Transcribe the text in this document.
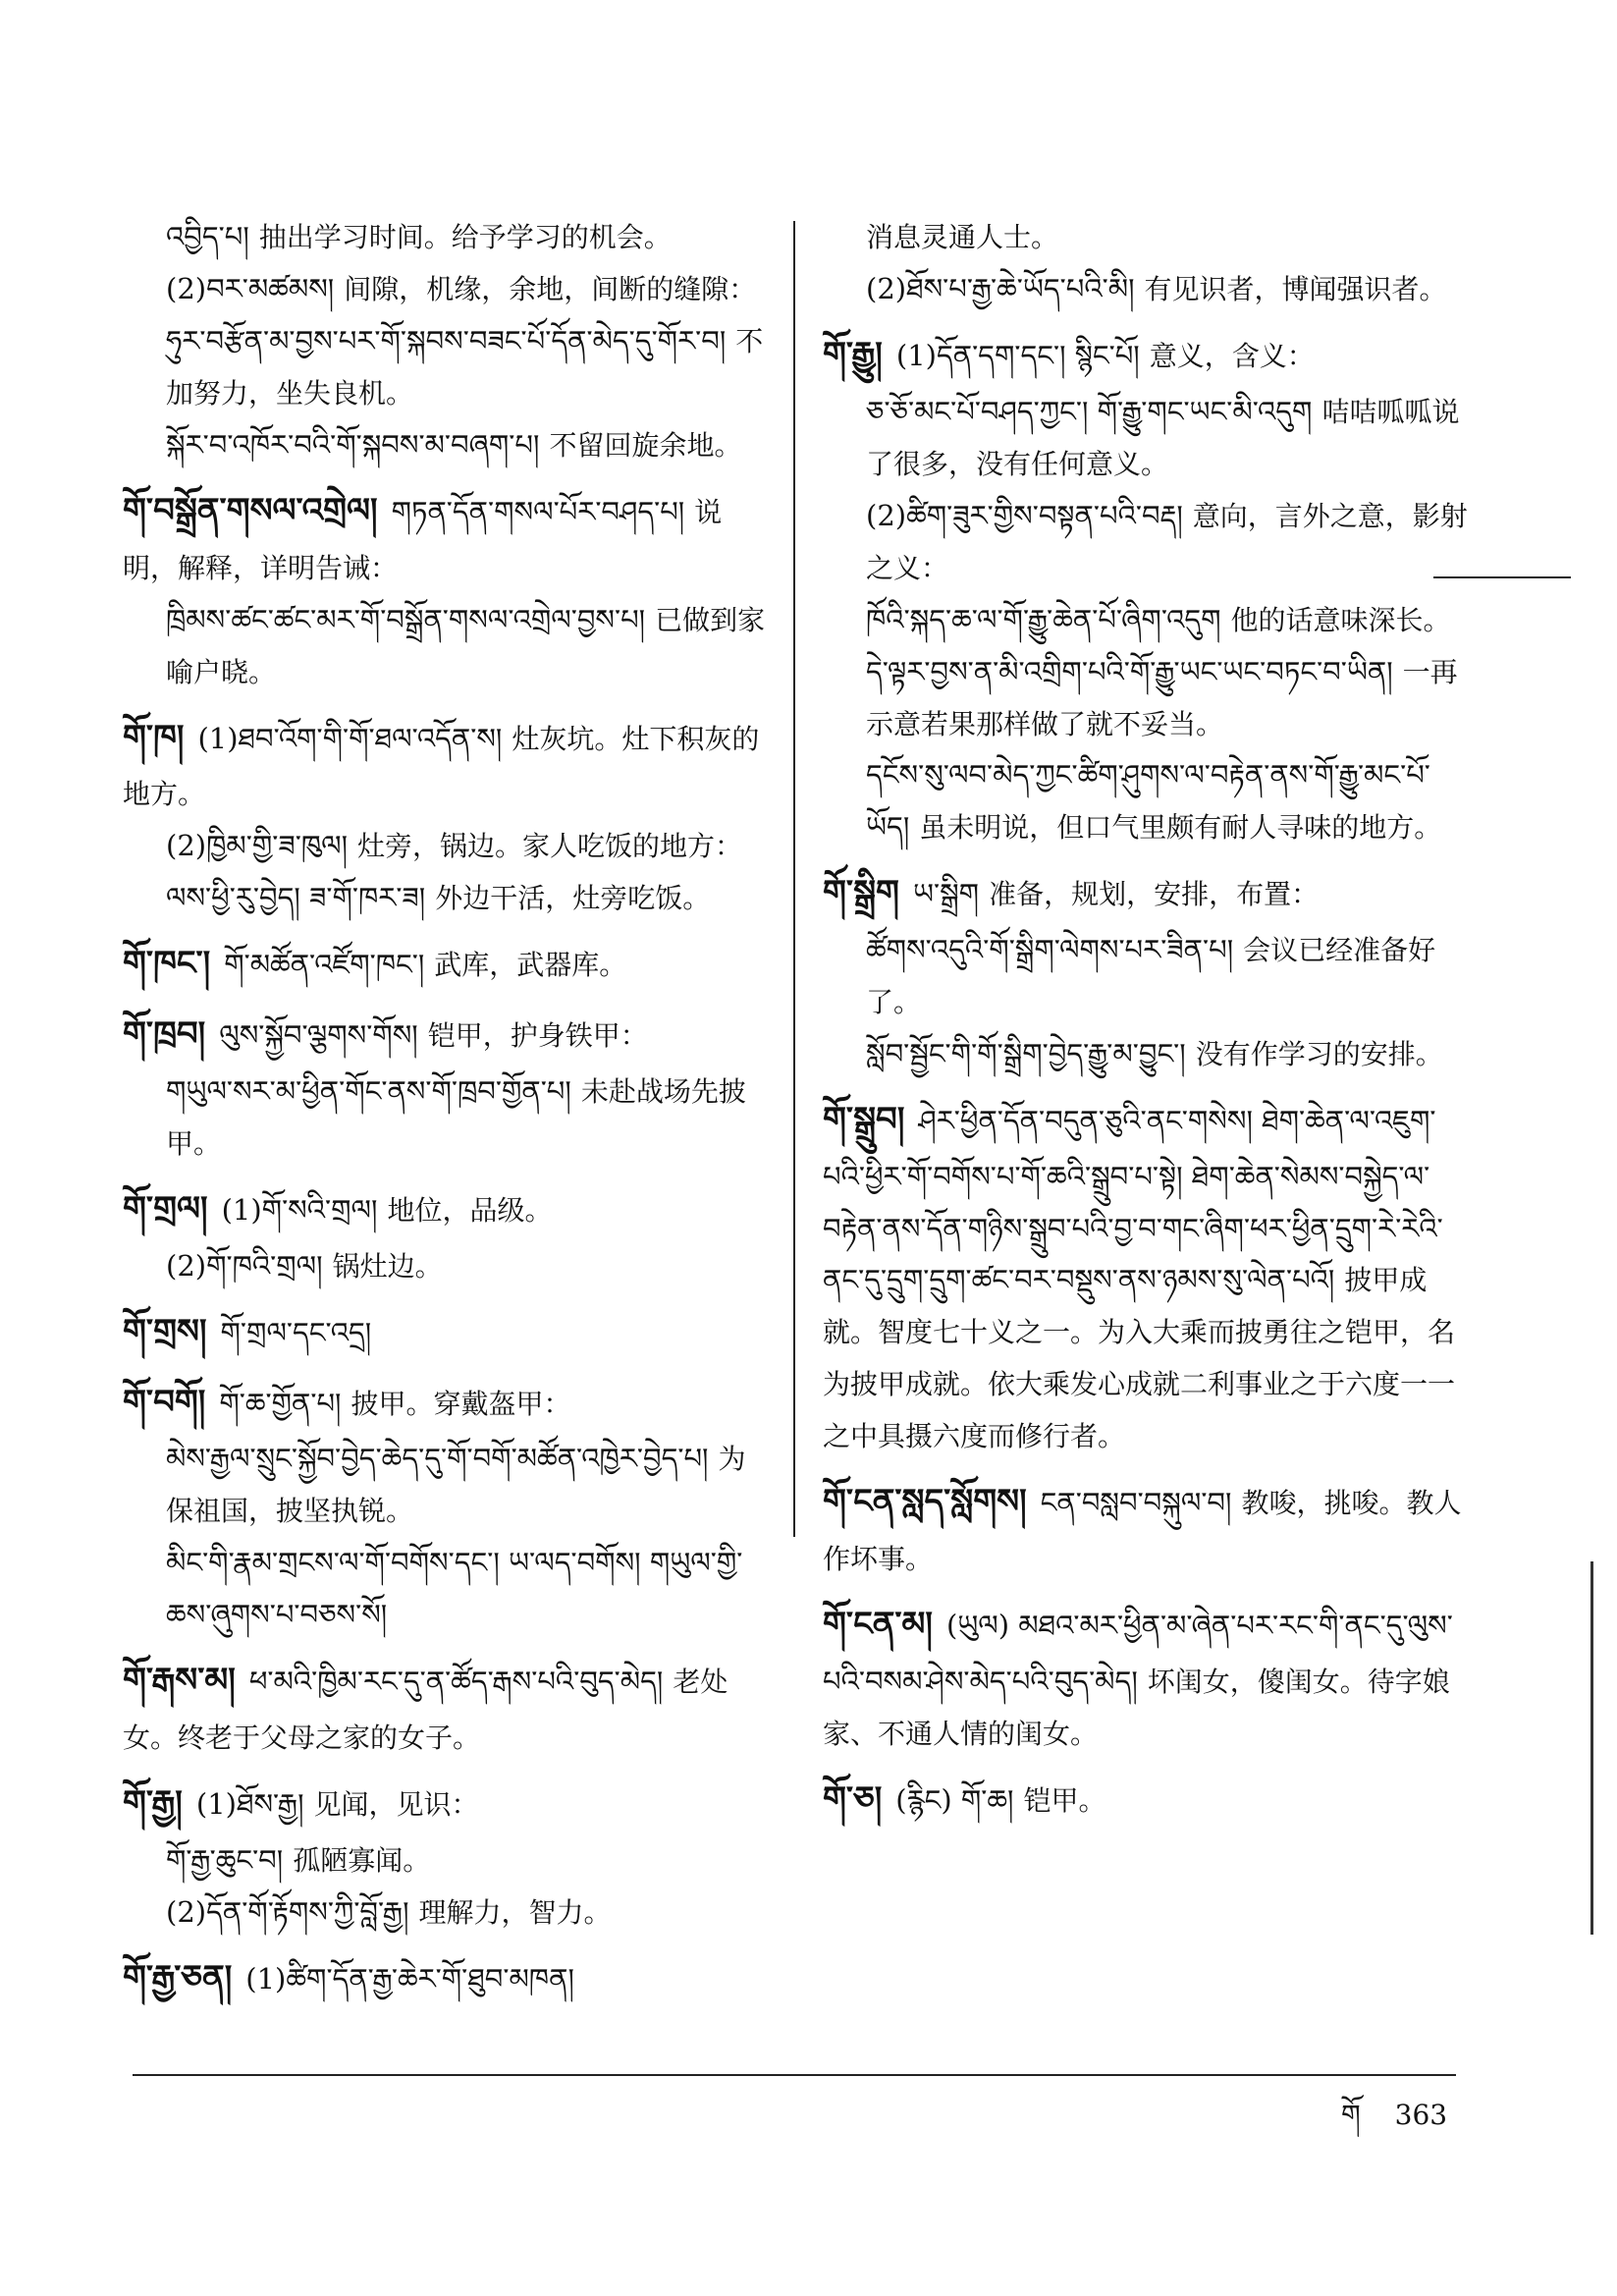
འབྱིད་པ། 抽出学习时间。给予学习的机会。

(2)བར་མཚམས། 间隙，机缘，余地，间断的缝隙：

ཧུར་བརྩོན་མ་བྱས་པར་གོ་སྐབས་བཟང་པོ་དོན་མེད་དུ་གོར་བ། 不加努力，坐失良机。

སྐོར་བ་འཁོར་བའི་གོ་སྐབས་མ་བཞག་པ། 不留回旋余地。

གོ་བསྒྲོན་གསལ་འགྲེལ། གཏན་དོན་གསལ་པོར་བཤད་པ། 说明，解释，详明告诫：

ཁྲིམས་ཚང་ཚང་མར་གོ་བསྒྲོན་གསལ་འགྲེལ་བྱས་པ། 已做到家喻户晓。

གོ་ཁ། (1)ཐབ་འོག་གི་གོ་ཐལ་འདོན་ས། 灶灰坑。灶下积灰的地方。

(2)ཁྱིམ་གྱི་ཟ་ཁུལ། 灶旁，锅边。家人吃饭的地方：

ལས་ཕྱི་རུ་བྱེད། ཟ་གོ་ཁར་ཟ། 外边干活，灶旁吃饭。

གོ་ཁང་། གོ་མཚོན་འཛོག་ཁང་། 武库，武器库。

གོ་ཁྲབ། ལུས་སྐྱོབ་ལྕགས་གོས། 铠甲，护身铁甲：

གཡུལ་སར་མ་ཕྱིན་གོང་ནས་གོ་ཁྲབ་གྱོན་པ། 未赴战场先披甲。

གོ་གྲལ། (1)གོ་སའི་གྲལ། 地位，品级。

(2)གོ་ཁའི་གྲལ། 锅灶边。

གོ་གྲས། གོ་གྲལ་དང་འདྲ།

གོ་བགོ། གོ་ཆ་གྱོན་པ། 披甲。穿戴盔甲：

མེས་རྒྱལ་སྲུང་སྐྱོབ་བྱེད་ཆེད་དུ་གོ་བགོ་མཚོན་འཁྱེར་བྱེད་པ། 为保祖国，披坚执锐。

མིང་གི་རྣམ་གྲངས་ལ་གོ་བགོས་དང་། ཡ་ལད་བགོས། གཡུལ་གྱི་ཆས་ཞུགས་པ་བཅས་སོ།

གོ་རྒས་མ། ཕ་མའི་ཁྱིམ་རང་དུ་ན་ཚོད་རྒས་པའི་བུད་མེད། 老处女。终老于父母之家的女子。

གོ་རྒྱ། (1)ཐོས་རྒྱ། 见闻，见识：

གོ་རྒྱ་ཆུང་བ། 孤陋寡闻。

(2)དོན་གོ་རྟོགས་ཀྱི་བློ་རྒྱ། 理解力，智力。

གོ་རྒྱ་ཅན། (1)ཚིག་དོན་རྒྱ་ཆེར་གོ་ཐུབ་མཁན།

消息灵通人士。

(2)ཐོས་པ་རྒྱ་ཆེ་ཡོད་པའི་མི། 有见识者，博闻强识者。

གོ་རྒྱུ། (1)དོན་དག་དང་། སྙིང་པོ། 意义，含义：

ཅ་ཅོ་མང་པོ་བཤད་ཀྱང་། གོ་རྒྱུ་གང་ཡང་མི་འདུག 咭咭呱呱说了很多，没有任何意义。

(2)ཚིག་ཟུར་གྱིས་བསྟན་པའི་བརྡ། 意向，言外之意，影射之义：

ཁོའི་སྐད་ཆ་ལ་གོ་རྒྱུ་ཆེན་པོ་ཞིག་འདུག 他的话意味深长。

དེ་ལྟར་བྱས་ན་མི་འགྲིག་པའི་གོ་རྒྱུ་ཡང་ཡང་བཏང་བ་ཡིན། 一再示意若果那样做了就不妥当。

དངོས་སུ་ལབ་མེད་ཀྱང་ཚིག་ཤུགས་ལ་བརྟེན་ནས་གོ་རྒྱུ་མང་པོ་ཡོད། 虽未明说，但口气里颇有耐人寻味的地方。

གོ་སྒྲིག ཡ་སྒྲིག 准备，规划，安排，布置：

ཚོགས་འདུའི་གོ་སྒྲིག་ལེགས་པར་ཟིན་པ། 会议已经准备好了。

སློབ་སྦྱོང་གི་གོ་སྒྲིག་བྱེད་རྒྱུ་མ་བྱུང་། 没有作学习的安排。

གོ་སྒྲུབ། ཤེར་ཕྱིན་དོན་བདུན་ཅུའི་ནང་གསེས། ཐེག་ཆེན་ལ་འཇུག་པའི་ཕྱིར་གོ་བགོས་པ་གོ་ཆའི་སྒྲུབ་པ་སྟེ། ཐེག་ཆེན་སེམས་བསྐྱེད་ལ་བརྟེན་ནས་དོན་གཉིས་སྒྲུབ་པའི་བྱ་བ་གང་ཞིག་ཕར་ཕྱིན་དྲུག་རེ་རེའི་ནང་དུ་དྲུག་དྲུག་ཚང་བར་བསྡུས་ནས་ཉམས་སུ་ལེན་པའོ། 披甲成就。智度七十义之一。为入大乘而披勇往之铠甲，名为披甲成就。依大乘发心成就二利事业之于六度一一之中具摄六度而修行者。

གོ་ངན་སླད་སློགས། ངན་བསླབ་བསྐུལ་བ། 教唆，挑唆。教人作坏事。

གོ་ངན་མ། (ཡུལ) མཐའ་མར་ཕྱིན་མ་ཞེན་པར་རང་གི་ནང་དུ་ལུས་པའི་བསམ་ཤེས་མེད་པའི་བུད་མེད། 坏闺女，傻闺女。待字娘家、不通人情的闺女。

གོ་ཅ། (རྙིང) གོ་ཆ། 铠甲。

གོ 363
